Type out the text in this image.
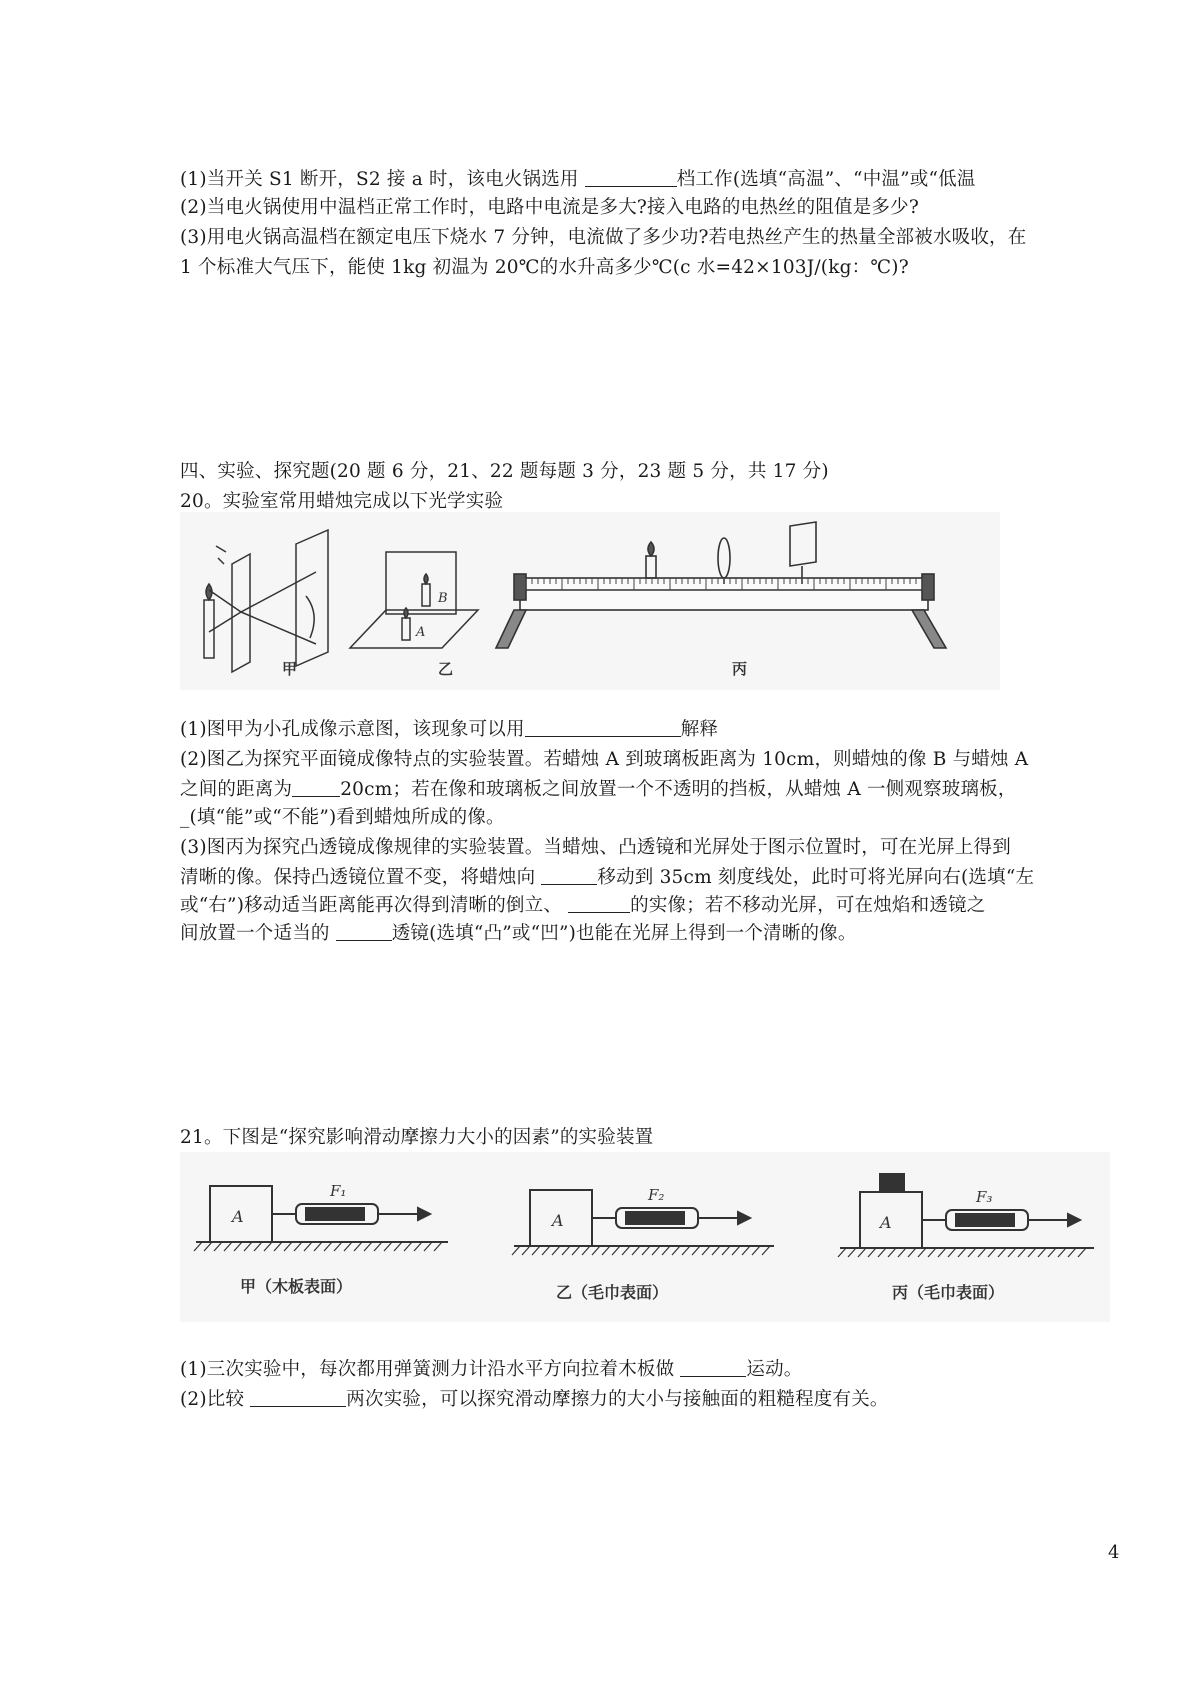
(1)当开关 S1 断开，S2 接 a 时，该电火锅选用	档工作(选填“高温”、“中温”或“低温
(2)当电火锅使用中温档正常工作时，电路中电流是多大?接入电路的电热丝的阻值是多少?
(3)用电火锅高温档在额定电压下烧水 7 分钟，电流做了多少功?若电热丝产生的热量全部被水吸收，在
1 个标准大气压下，能使 1kg 初温为 20℃的水升高多少℃(c 水=42×103J/(kg：℃)?
四、实验、探究题(20 题 6 分，21、22 题每题 3 分，23 题 5 分，共 17 分)
20。实验室常用蜡烛完成以下光学实验
甲
B
A
乙	丙
(1)图甲为小孔成像示意图，该现象可以用	解释
(2)图乙为探究平面镜成像特点的实验装置。若蜡烛 A 到玻璃板距离为 10cm，则蜡烛的像 B 与蜡烛 A
之间的距离为	20cm；若在像和玻璃板之间放置一个不透明的挡板，从蜡烛 A 一侧观察玻璃板，
_(填“能”或“不能”)看到蜡烛所成的像。
(3)图丙为探究凸透镜成像规律的实验装置。当蜡烛、凸透镜和光屏处于图示位置时，可在光屏上得到
清晰的像。保持凸透镜位置不变，将蜡烛向	移动到 35cm 刻度线处，此时可将光屏向右(选填“左
或“右”)移动适当距离能再次得到清晰的倒立、	的实像；若不移动光屏，可在烛焰和透镜之
间放置一个适当的	透镜(选填“凸”或“凹”)也能在光屏上得到一个清晰的像。
21。下图是“探究影响滑动摩擦力大小的因素”的实验装置
A
F₁
甲（木板表面）
A
F₂
乙（毛巾表面）
A
F₃
丙（毛巾表面）
(1)三次实验中，每次都用弹簧测力计沿水平方向拉着木板做	运动。
(2)比较	两次实验，可以探究滑动摩擦力的大小与接触面的粗糙程度有关。
4
